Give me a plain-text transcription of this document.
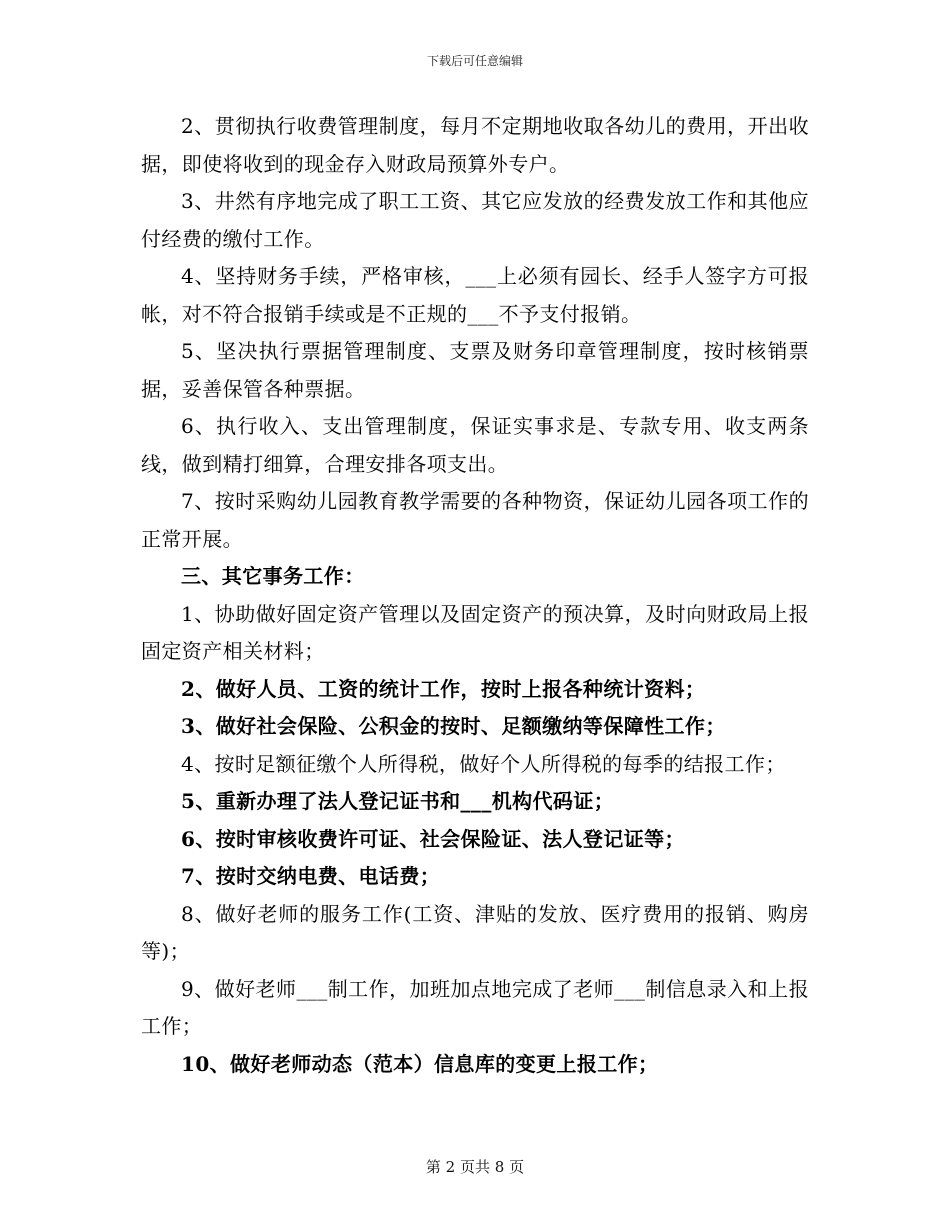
下载后可任意编辑

2、贯彻执行收费管理制度，每月不定期地收取各幼儿的费用，开出收据，即使将收到的现金存入财政局预算外专户。

3、井然有序地完成了职工工资、其它应发放的经费发放工作和其他应付经费的缴付工作。

4、坚持财务手续，严格审核，___上必须有园长、经手人签字方可报帐，对不符合报销手续或是不正规的___不予支付报销。

5、坚决执行票据管理制度、支票及财务印章管理制度，按时核销票据，妥善保管各种票据。

6、执行收入、支出管理制度，保证实事求是、专款专用、收支两条线，做到精打细算，合理安排各项支出。

7、按时采购幼儿园教育教学需要的各种物资，保证幼儿园各项工作的正常开展。

三、其它事务工作：

1、协助做好固定资产管理以及固定资产的预决算，及时向财政局上报固定资产相关材料；

2、做好人员、工资的统计工作，按时上报各种统计资料；

3、做好社会保险、公积金的按时、足额缴纳等保障性工作；

4、按时足额征缴个人所得税，做好个人所得税的每季的结报工作；

5、重新办理了法人登记证书和___机构代码证；

6、按时审核收费许可证、社会保险证、法人登记证等；

7、按时交纳电费、电话费；

8、做好老师的服务工作(工资、津贴的发放、医疗费用的报销、购房等)；

9、做好老师___制工作，加班加点地完成了老师___制信息录入和上报工作；

10、做好老师动态（范本）信息库的变更上报工作；

第 2 页共 8 页
